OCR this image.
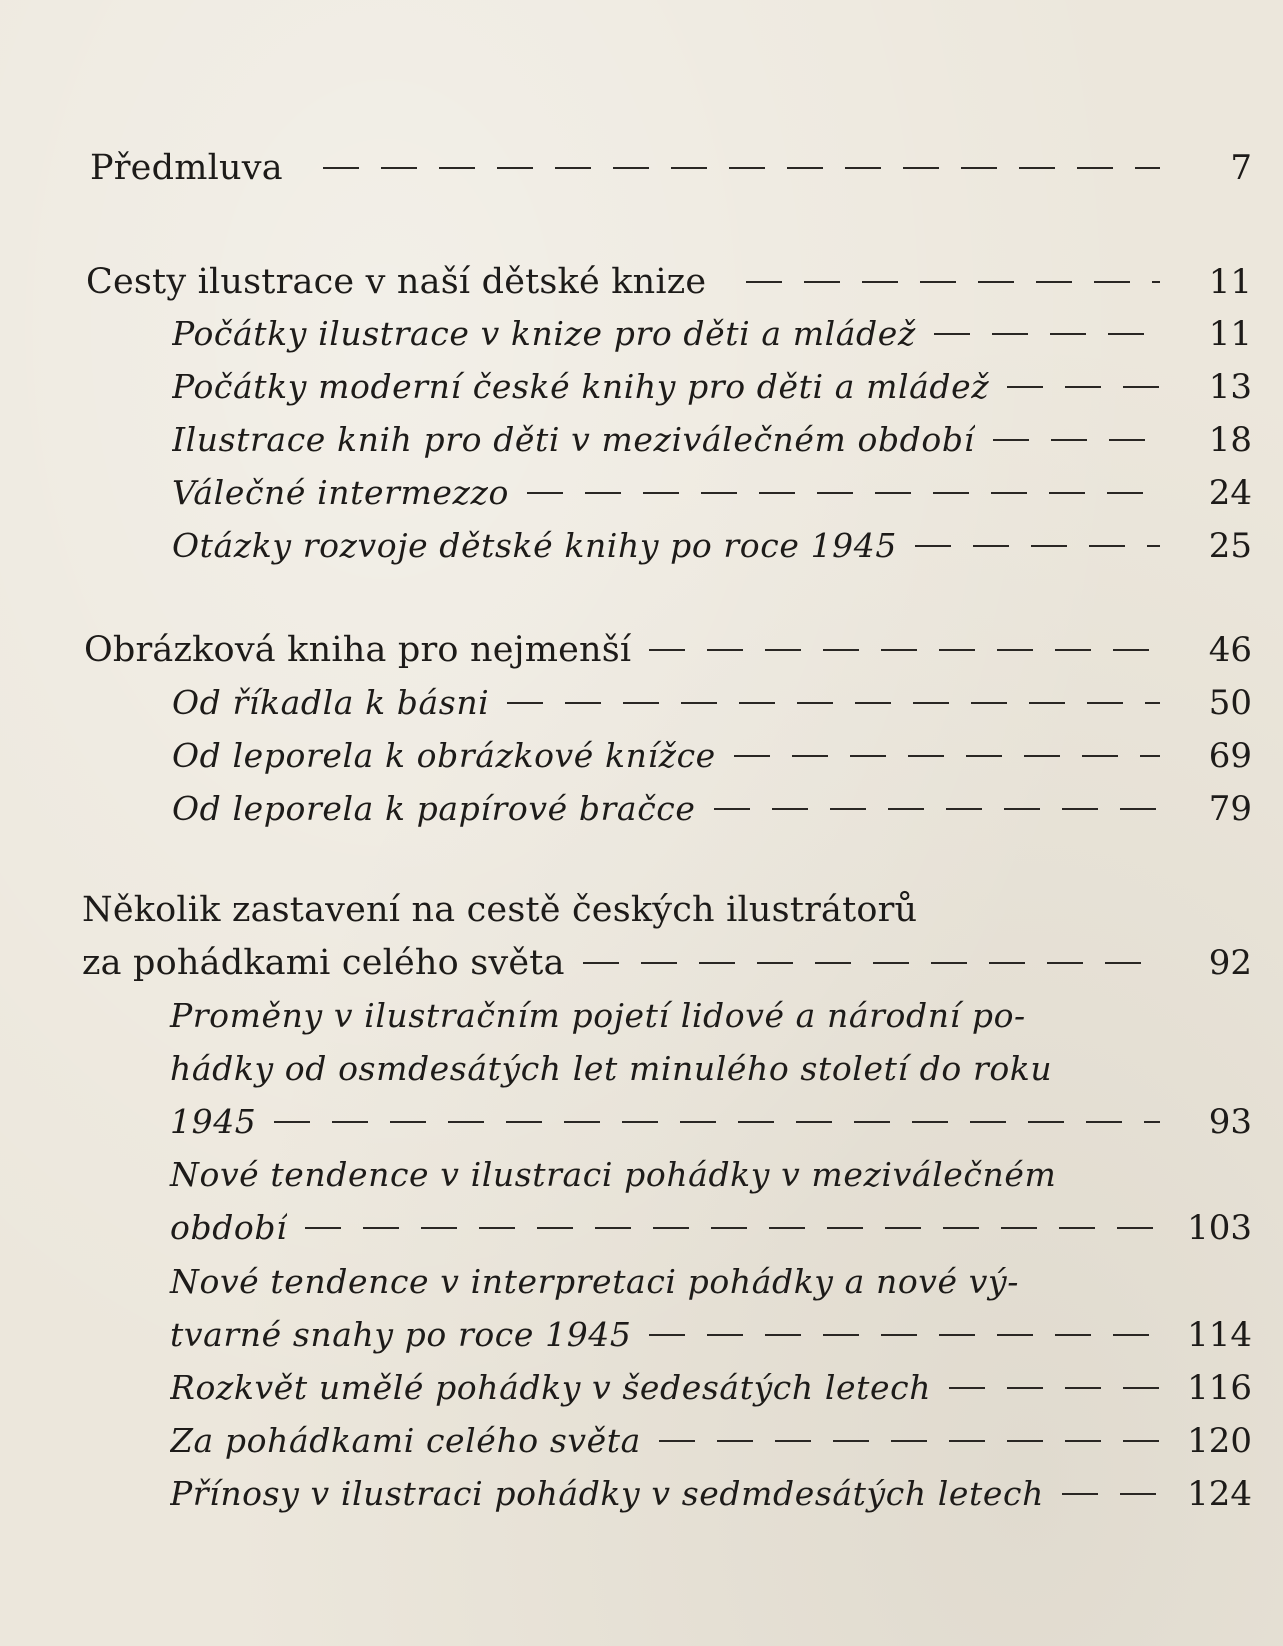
Předmluva	7
Cesty ilustrace v naší dětské knize	11
Počátky ilustrace v knize pro děti a mládež	11
Počátky moderní české knihy pro děti a mládež	13
Ilustrace knih pro děti v meziválečném období	18
Válečné intermezzo	24
Otázky rozvoje dětské knihy po roce 1945	25
Obrázková kniha pro nejmenší	46
Od říkadla k básni	50
Od leporela k obrázkové knížce	69
Od leporela k papírové bračce	79
Několik zastavení na cestě českých ilustrátorů
za pohádkami celého světa	92
Proměny v ilustračním pojetí lidové a národní po-
hádky od osmdesátých let minulého století do roku
1945	93
Nové tendence v ilustraci pohádky v meziválečném
období	103
Nové tendence v interpretaci pohádky a nové vý-
tvarné snahy po roce 1945	114
Rozkvět umělé pohádky v šedesátých letech	116
Za pohádkami celého světa	120
Přínosy v ilustraci pohádky v sedmdesátých letech	124
